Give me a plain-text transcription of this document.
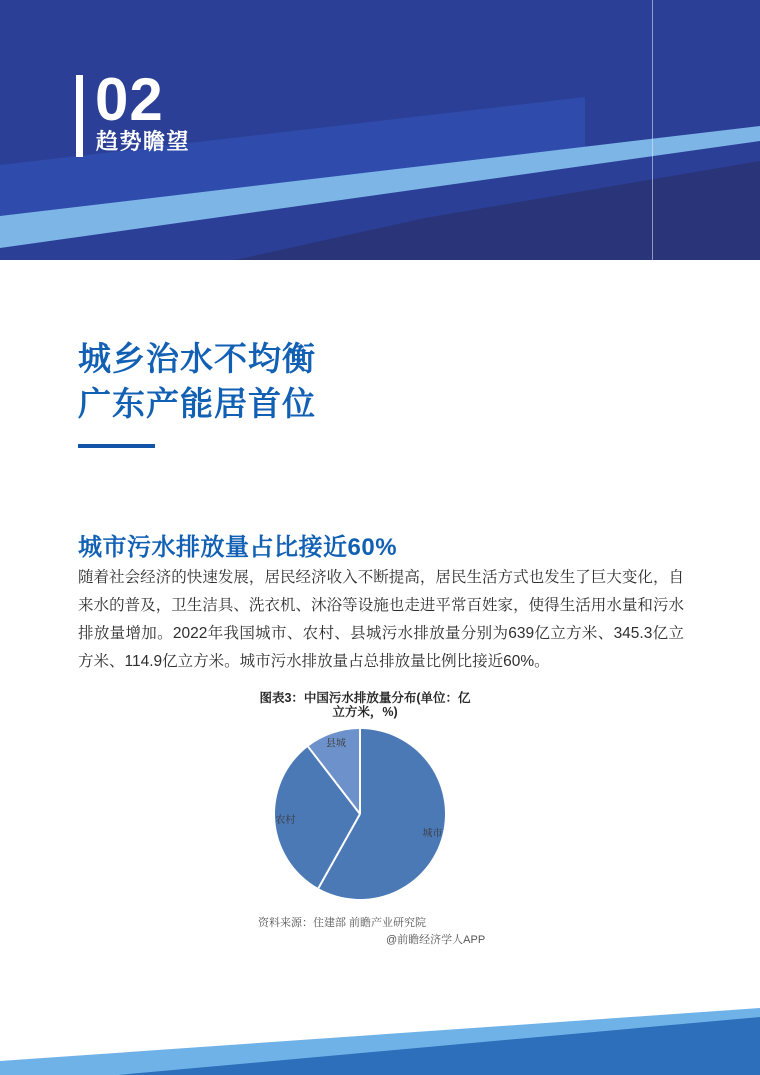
02
趋势瞻望
城乡治水不均衡
广东产能居首位
城市污水排放量占比接近60%
随着社会经济的快速发展，居民经济收入不断提高，居民生活方式也发生了巨大变化，自来水的普及，卫生洁具、洗衣机、沐浴等设施也走进平常百姓家，使得生活用水量和污水排放量增加。2022年我国城市、农村、县城污水排放量分别为639亿立方米、345.3亿立方米、114.9亿立方米。城市污水排放量占总排放量比例比接近60%。
图表3：中国污水排放量分布(单位：亿
立方米，%)
城市
农村
县城
资料来源：住建部 前瞻产业研究院
@前瞻经济学人APP
